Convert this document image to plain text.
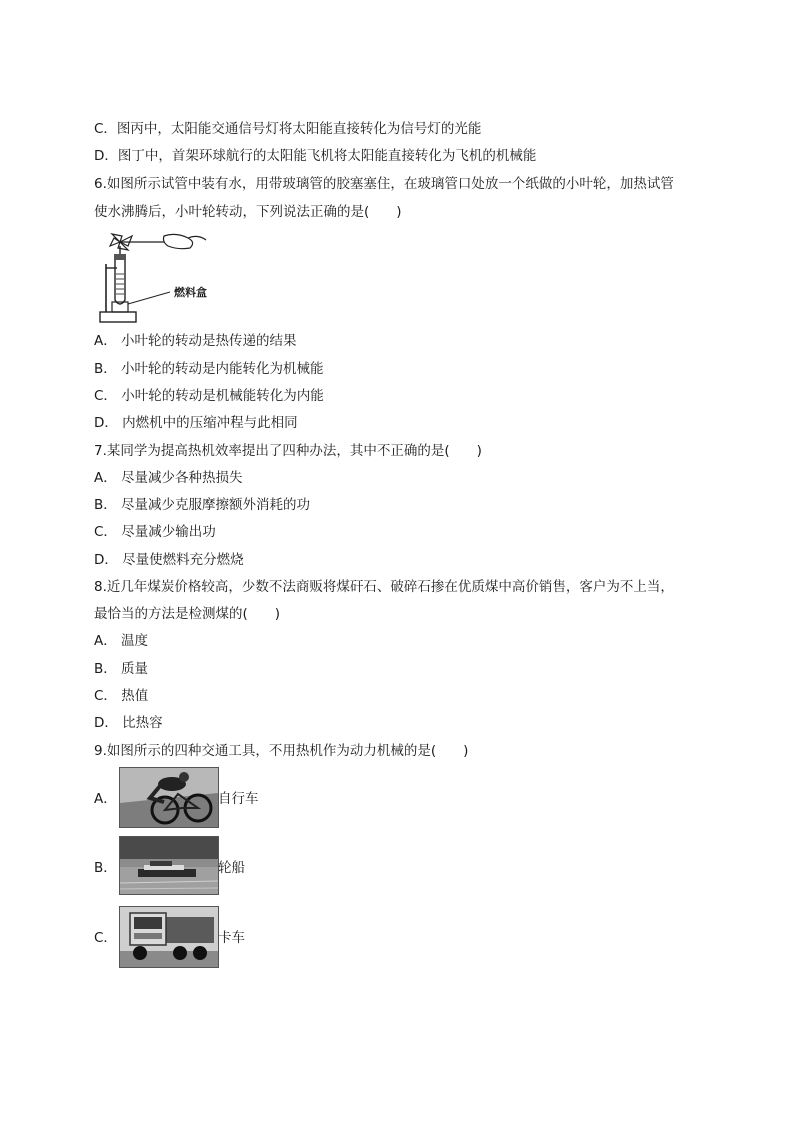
C．图丙中，太阳能交通信号灯将太阳能直接转化为信号灯的光能
D．图丁中，首架环球航行的太阳能飞机将太阳能直接转化为飞机的机械能
6.如图所示试管中装有水，用带玻璃管的胶塞塞住，在玻璃管口处放一个纸做的小叶轮，加热试管
使水沸腾后，小叶轮转动，下列说法正确的是(　　)
燃料盒
A． 小叶轮的转动是热传递的结果
B． 小叶轮的转动是内能转化为机械能
C． 小叶轮的转动是机械能转化为内能
D． 内燃机中的压缩冲程与此相同
7.某同学为提高热机效率提出了四种办法，其中不正确的是(　　)
A． 尽量减少各种热损失
B． 尽量减少克服摩擦额外消耗的功
C． 尽量减少输出功
D． 尽量使燃料充分燃烧
8.近几年煤炭价格较高，少数不法商贩将煤矸石、破碎石掺在优质煤中高价销售，客户为不上当，
最恰当的方法是检测煤的(　　)
A． 温度
B． 质量
C． 热值
D． 比热容
9.如图所示的四种交通工具，不用热机作为动力机械的是(　　)
A．	自行车
B．	轮船
C．	卡车
